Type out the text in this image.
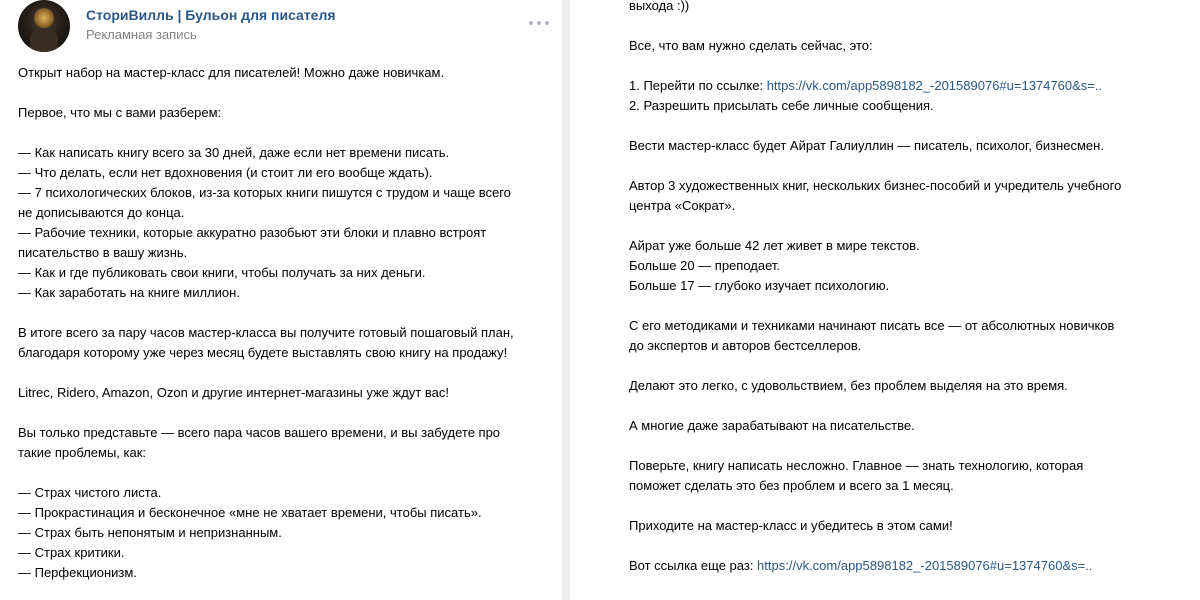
СториВилль | Бульон для писателя
Рекламная запись
Открыт набор на мастер-класс для писателей! Можно даже новичкам.

Первое, что мы с вами разберем:

— Как написать книгу всего за 30 дней, даже если нет времени писать.
— Что делать, если нет вдохновения (и стоит ли его вообще ждать).
— 7 психологических блоков, из-за которых книги пишутся с трудом и чаще всего
не дописываются до конца.
— Рабочие техники, которые аккуратно разобьют эти блоки и плавно встроят
писательство в вашу жизнь.
— Как и где публиковать свои книги, чтобы получать за них деньги.
— Как заработать на книге миллион.

В итоге всего за пару часов мастер-класса вы получите готовый пошаговый план,
благодаря которому уже через месяц будете выставлять свою книгу на продажу!

Litrec, Ridero, Amazon, Ozon и другие интернет-магазины уже ждут вас!

Вы только представьте — всего пара часов вашего времени, и вы забудете про
такие проблемы, как:

— Страх чистого листа.
— Прокрастинация и бесконечное «мне не хватает времени, чтобы писать».
— Страх быть непонятым и непризнанным.
— Страх критики.
— Перфекционизм.
выхода :))

Все, что вам нужно сделать сейчас, это:

1. Перейти по ссылке: https://vk.com/app5898182_-201589076#u=1374760&s=..
2. Разрешить присылать себе личные сообщения.

Вести мастер-класс будет Айрат Галиуллин — писатель, психолог, бизнесмен.

Автор 3 художественных книг, нескольких бизнес-пособий и учредитель учебного
центра «Сократ».

Айрат уже больше 42 лет живет в мире текстов.
Больше 20 — преподает.
Больше 17 — глубоко изучает психологию.

С его методиками и техниками начинают писать все — от абсолютных новичков
до экспертов и авторов бестселлеров.

Делают это легко, с удовольствием, без проблем выделяя на это время.

А многие даже зарабатывают на писательстве.

Поверьте, книгу написать несложно. Главное — знать технологию, которая
поможет сделать это без проблем и всего за 1 месяц.

Приходите на мастер-класс и убедитесь в этом сами!

Вот ссылка еще раз: https://vk.com/app5898182_-201589076#u=1374760&s=..
